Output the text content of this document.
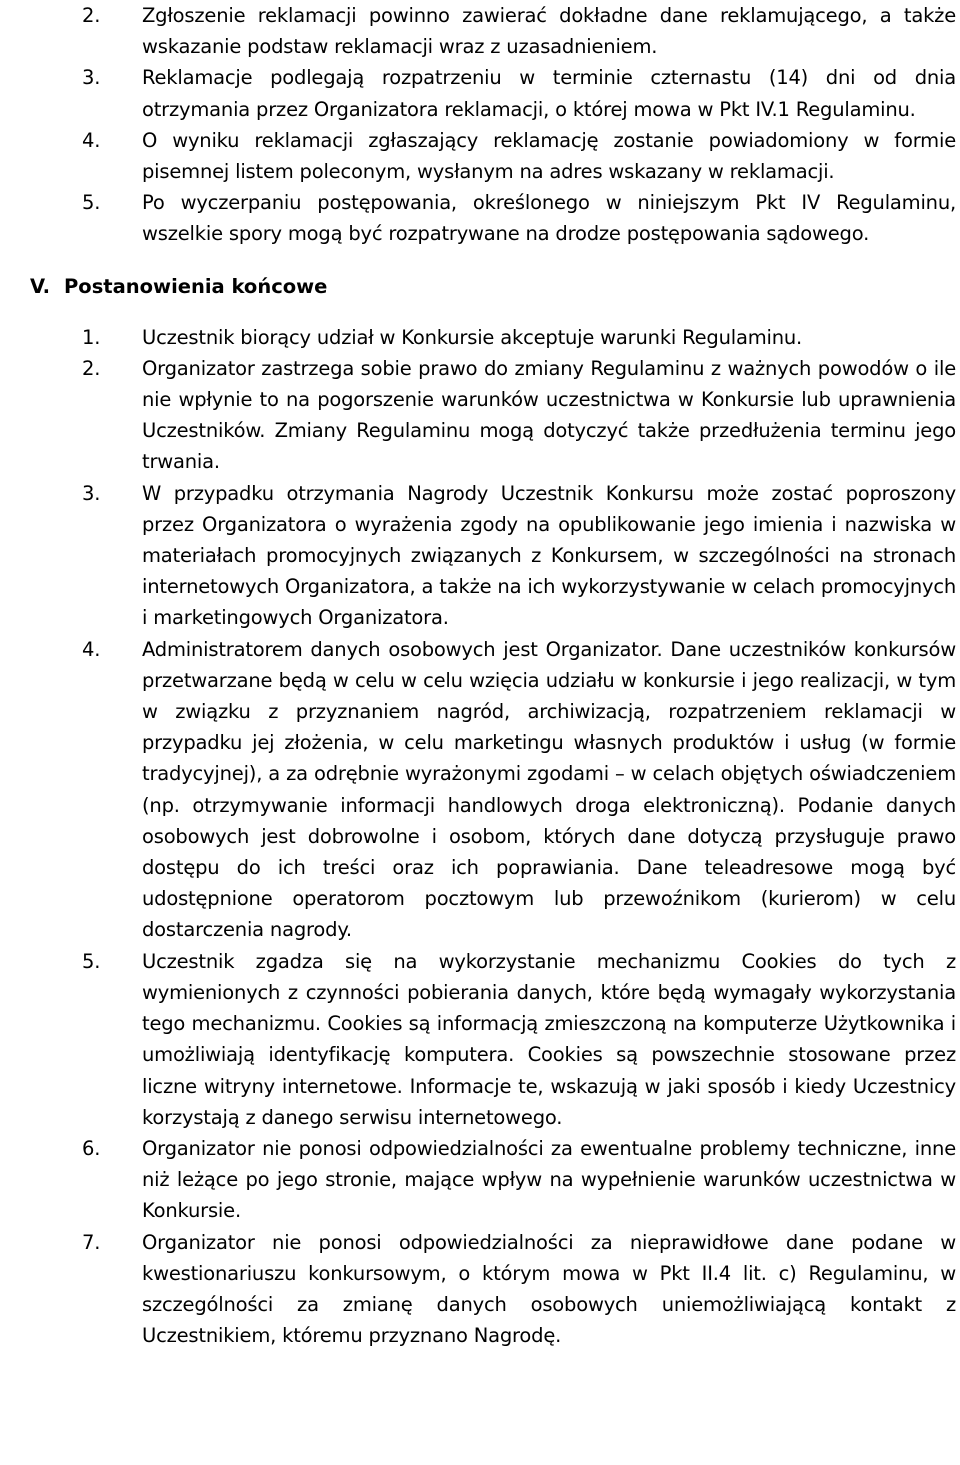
2.	Zgłoszenie reklamacji powinno zawierać dokładne dane reklamującego, a także wskazanie podstaw reklamacji wraz z uzasadnieniem.
3.	Reklamacje podlegają rozpatrzeniu w terminie czternastu (14) dni od dnia otrzymania przez Organizatora reklamacji, o której mowa w Pkt IV.1 Regulaminu.
4.	O wyniku reklamacji zgłaszający reklamację zostanie powiadomiony w formie pisemnej listem poleconym, wysłanym na adres wskazany w reklamacji.
5.	Po wyczerpaniu postępowania, określonego w niniejszym Pkt IV Regulaminu, wszelkie spory mogą być rozpatrywane na drodze postępowania sądowego.
V. Postanowienia końcowe
1.	Uczestnik biorący udział w Konkursie akceptuje warunki Regulaminu.
2.	Organizator zastrzega sobie prawo do zmiany Regulaminu z ważnych powodów o ile nie wpłynie to na pogorszenie warunków uczestnictwa w Konkursie lub uprawnienia Uczestników. Zmiany Regulaminu mogą dotyczyć także przedłużenia terminu jego trwania.
3.	W przypadku otrzymania Nagrody Uczestnik Konkursu może zostać poproszony przez Organizatora o wyrażenia zgody na opublikowanie jego imienia i nazwiska w materiałach promocyjnych związanych z Konkursem, w szczególności na stronach internetowych Organizatora, a także na ich wykorzystywanie w celach promocyjnych i marketingowych Organizatora.
4.	Administratorem danych osobowych jest Organizator. Dane uczestników konkursów przetwarzane będą w celu w celu wzięcia udziału w konkursie i jego realizacji, w tym w związku z przyznaniem nagród, archiwizacją, rozpatrzeniem reklamacji w przypadku jej złożenia, w celu marketingu własnych produktów i usług (w formie tradycyjnej), a za odrębnie wyrażonymi zgodami – w celach objętych oświadczeniem (np. otrzymywanie informacji handlowych droga elektroniczną). Podanie danych osobowych jest dobrowolne i osobom, których dane dotyczą przysługuje prawo dostępu do ich treści oraz ich poprawiania. Dane teleadresowe mogą być udostępnione operatorom pocztowym lub przewoźnikom (kurierom) w celu dostarczenia nagrody.
5.	Uczestnik zgadza się na wykorzystanie mechanizmu Cookies do tych z wymienionych z czynności pobierania danych, które będą wymagały wykorzystania tego mechanizmu. Cookies są informacją zmieszczoną na komputerze Użytkownika i umożliwiają identyfikację komputera. Cookies są powszechnie stosowane przez liczne witryny internetowe. Informacje te, wskazują w jaki sposób i kiedy Uczestnicy korzystają z danego serwisu internetowego.
6.	Organizator nie ponosi odpowiedzialności za ewentualne problemy techniczne, inne niż leżące po jego stronie, mające wpływ na wypełnienie warunków uczestnictwa w Konkursie.
7.	Organizator nie ponosi odpowiedzialności za nieprawidłowe dane podane w kwestionariuszu konkursowym, o którym mowa w Pkt II.4 lit. c) Regulaminu, w szczególności za zmianę danych osobowych uniemożliwiającą kontakt z Uczestnikiem, któremu przyznano Nagrodę.
